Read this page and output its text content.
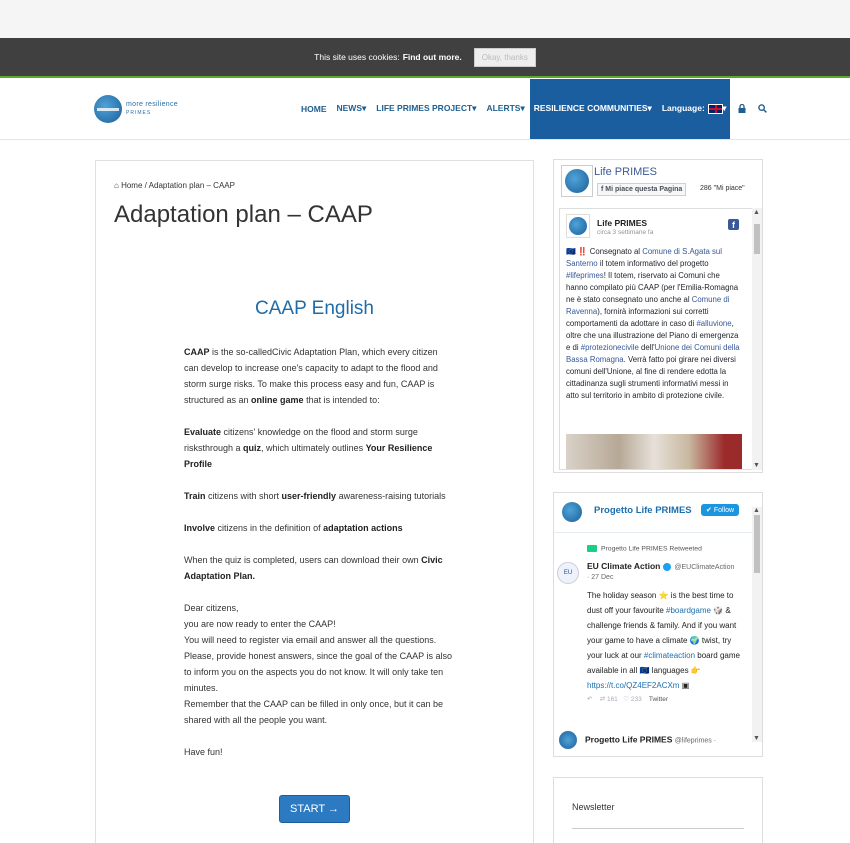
This site uses cookies: Find out more.	Okay, thanks
more resilience
PRIMES	HOME	NEWS▾	LIFE PRIMES PROJECT▾	ALERTS▾	RESILIENCE COMMUNITIES▾ Language: ▾
⌂ Home / Adaptation plan – CAAP
Adaptation plan – CAAP
CAAP English

CAAP is the so-calledCivic Adaptation Plan, which every citizen can develop to increase one's capacity to adapt to the flood and storm surge risks. To make this process easy and fun, CAAP is structured as an online game that is intended to:

Evaluate citizens' knowledge on the flood and storm surge risksthrough a quiz, which ultimately outlines Your Resilience Profile

Train citizens with short user-friendly awareness-raising tutorials

Involve citizens in the definition of adaptation actions

When the quiz is completed, users can download their own Civic Adaptation Plan.

Dear citizens,
you are now ready to enter the CAAP!
You will need to register via email and answer all the questions. Please, provide honest answers, since the goal of the CAAP is also to inform you on the aspects you do not know. It will only take ten minutes.
Remember that the CAAP can be filled in only once, but it can be shared with all the people you want.

Have fun!

START →
Life PRIMES
f Mi piace questa Pagina	286 "Mi piace"
Life PRIMES
circa 3 settimane fa
f
🇪🇺 ‼️ Consegnato al Comune di S.Agata sul Santerno il totem informativo del progetto #lifeprimes! Il totem, riservato ai Comuni che hanno compilato più CAAP (per l'Emilia-Romagna ne è stato consegnato uno anche al Comune di Ravenna), fornirà informazioni sui corretti comportamenti da adottare in caso di #alluvione, oltre che una illustrazione del Piano di emergenza e di #protezionecivile dell'Unione dei Comuni della Bassa Romagna. Verrà fatto poi girare nei diversi comuni dell'Unione, al fine di rendere edotta la cittadinanza sugli strumenti informativi messi in atto sul territorio in ambito di protezione civile.
▲
▼
Progetto Life PRIMES	✔ Follow
Progetto Life PRIMES Retweeted
EU
EU Climate Action @EUClimateAction
· 27 Dec
The holiday season ⭐ is the best time to dust off your favourite #boardgame 🎲 & challenge friends & family. And if you want your game to have a climate 🌍 twist, try your luck at our #climateaction board game available in all 🇪🇺 languages 👉 https://t.co/QZ4EF2ACXm ▣
↶ ⇄ 161 ♡ 233 Twitter
Progetto Life PRIMES @lifeprimes ·
▲
▼
Newsletter
